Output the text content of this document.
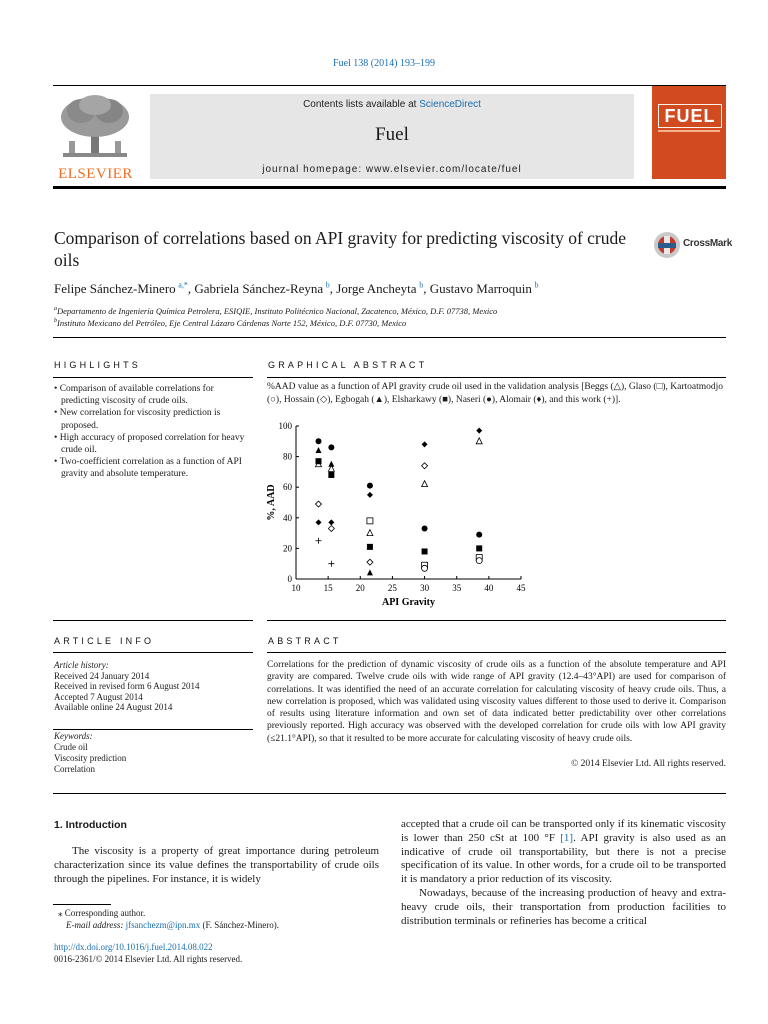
Fuel 138 (2014) 193–199
ELSEVIER
Contents lists available at ScienceDirect
Fuel
journal homepage: www.elsevier.com/locate/fuel
FUEL
Comparison of correlations based on API gravity for predicting viscosity of crude oils
CrossMark
Felipe Sánchez-Minero  $^{a,*}$, Gabriela Sánchez-Reyna  $^b$, Jorge Ancheyta  $^b$, Gustavo Marroquin  $^b$
$^a$Departamento de Ingeniería Química Petrolera, ESIQIE, Instituto Politécnico Nacional, Zacatenco, México, D.F. 07738, Mexico
$^b$Instituto Mexicano del Petróleo, Eje Central Lázaro Cárdenas Norte 152, México, D.F. 07730, Mexico
HIGHLIGHTS
• Comparison of available correlations for predicting viscosity of crude oils.
• New correlation for viscosity prediction is proposed.
• High accuracy of proposed correlation for heavy crude oil.
• Two-coefficient correlation as a function of API gravity and absolute temperature.
GRAPHICAL ABSTRACT
%AAD value as a function of API gravity crude oil used in the validation analysis [Beggs (△), Glaso (□), Kartoatmodjo (○), Hossain (◇), Egbogah (▲), Elsharkawy (■), Naseri (●), Alomair (♦), and this work (+)].
10	15	20	25	30	35	40	45
0
20
40
60
80
100
API Gravity
%, AAD
ARTICLE INFO
Article history:
Received 24 January 2014
Received in revised form 6 August 2014
Accepted 7 August 2014
Available online 24 August 2014
Keywords:
Crude oil
Viscosity prediction
Correlation
ABSTRACT
Correlations for the prediction of dynamic viscosity of crude oils as a function of the absolute temperature and API gravity are compared. Twelve crude oils with wide range of API gravity (12.4–43°API) are used for comparison of correlations. It was identified the need of an accurate correlation for calculating viscosity of heavy crude oils. Thus, a new correlation is proposed, which was validated using viscosity values different to those used to derive it. Comparison of results using literature information and own set of data indicated better predictability over other correlations previously reported. High accuracy was observed with the developed correlation for crude oils with low API gravity (≤21.1°API), so that it resulted to be more accurate for calculating viscosity of heavy crude oils.
© 2014 Elsevier Ltd. All rights reserved.
1. Introduction

The viscosity is a property of great importance during petroleum characterization since its value defines the transportability of crude oils through the pipelines. For instance, it is widely

⁎ Corresponding author.
E-mail address: jfsanchezm@ipn.mx (F. Sánchez-Minero).
http://dx.doi.org/10.1016/j.fuel.2014.08.022
0016-2361/© 2014 Elsevier Ltd. All rights reserved.

accepted that a crude oil can be transported only if its kinematic viscosity is lower than 250 cSt at 100 °F [1]. API gravity is also used as an indicative of crude oil transportability, but there is not a precise specification of its value. In other words, for a crude oil to be transported it is mandatory a prior reduction of its viscosity.

Nowadays, because of the increasing production of heavy and extra-heavy crude oils, their transportation from production facilities to distribution terminals or refineries has become a critical
